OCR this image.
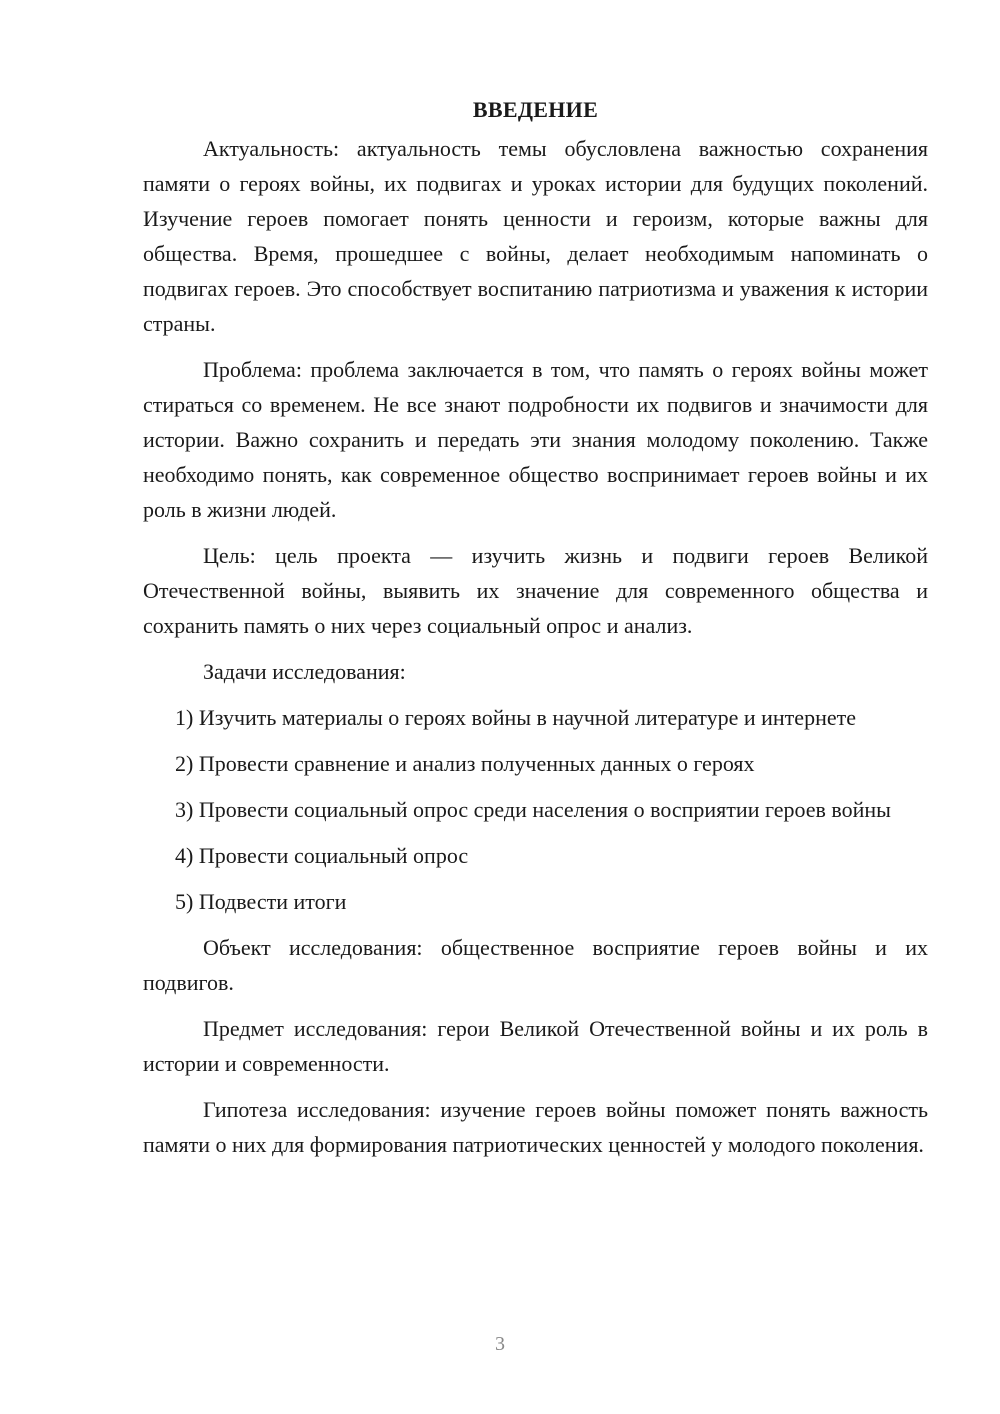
ВВЕДЕНИЕ

Актуальность: актуальность темы обусловлена важностью сохранения памяти о героях войны, их подвигах и уроках истории для будущих поколений. Изучение героев помогает понять ценности и героизм, которые важны для общества. Время, прошедшее с войны, делает необходимым напоминать о подвигах героев. Это способствует воспитанию патриотизма и уважения к истории страны.

Проблема: проблема заключается в том, что память о героях войны может стираться со временем. Не все знают подробности их подвигов и значимости для истории. Важно сохранить и передать эти знания молодому поколению. Также необходимо понять, как современное общество воспринимает героев войны и их роль в жизни людей.

Цель: цель проекта — изучить жизнь и подвиги героев Великой Отечественной войны, выявить их значение для современного общества и сохранить память о них через социальный опрос и анализ.

Задачи исследования:

1) Изучить материалы о героях войны в научной литературе и интернете

2) Провести сравнение и анализ полученных данных о героях

3) Провести социальный опрос среди населения о восприятии героев войны

4) Провести социальный опрос

5) Подвести итоги

Объект исследования: общественное восприятие героев войны и их подвигов.

Предмет исследования: герои Великой Отечественной войны и их роль в истории и современности.

Гипотеза исследования: изучение героев войны поможет понять важность памяти о них для формирования патриотических ценностей у молодого поколения.

3
